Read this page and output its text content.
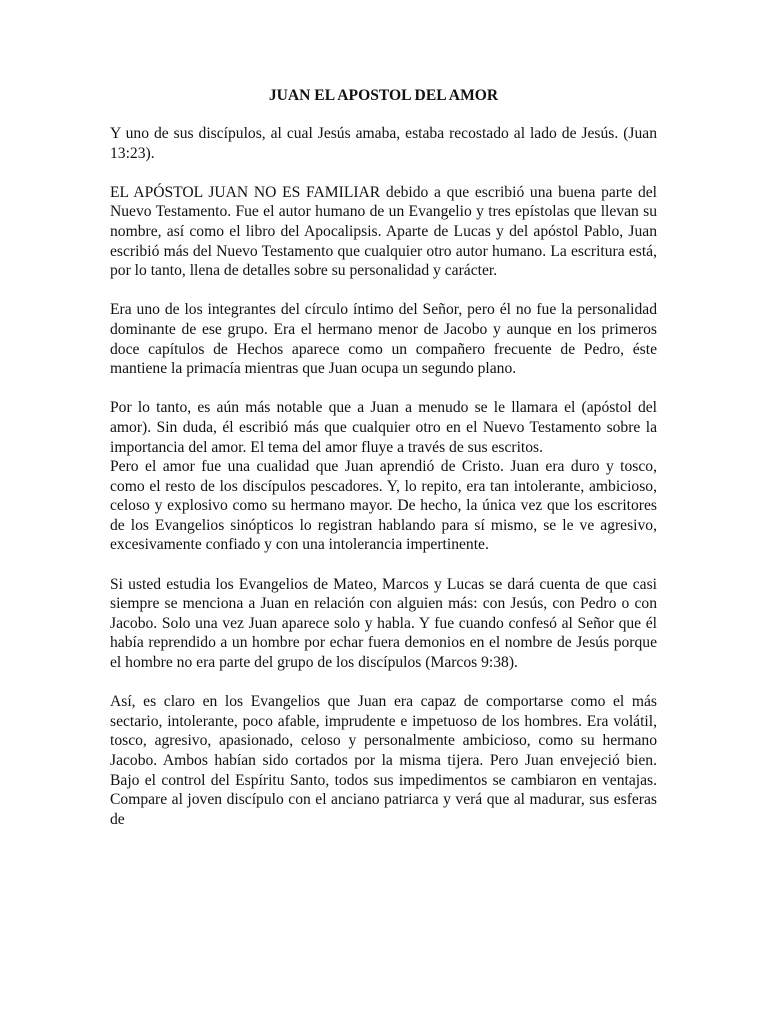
JUAN EL APOSTOL DEL AMOR

Y uno de sus discípulos, al cual Jesús amaba, estaba recostado al lado de Jesús. (Juan 13:23).

EL APÓSTOL JUAN NO ES FAMILIAR debido a que escribió una buena parte del Nuevo Testamento. Fue el autor humano de un Evangelio y tres epístolas que llevan su nombre, así como el libro del Apocalipsis. Aparte de Lucas y del apóstol Pablo, Juan escribió más del Nuevo Testamento que cualquier otro autor humano. La escritura está, por lo tanto, llena de detalles sobre su personalidad y carácter.

Era uno de los integrantes del círculo íntimo del Señor, pero él no fue la personalidad dominante de ese grupo. Era el hermano menor de Jacobo y aunque en los primeros doce capítulos de Hechos aparece como un compañero frecuente de Pedro, éste mantiene la primacía mientras que Juan ocupa un segundo plano.

Por lo tanto, es aún más notable que a Juan a menudo se le llamara el (apóstol del amor). Sin duda, él escribió más que cualquier otro en el Nuevo Testamento sobre la importancia del amor. El tema del amor fluye a través de sus escritos.

Pero el amor fue una cualidad que Juan aprendió de Cristo. Juan era duro y tosco, como el resto de los discípulos pescadores. Y, lo repito, era tan intolerante, ambicioso, celoso y explosivo como su hermano mayor. De hecho, la única vez que los escritores de los Evangelios sinópticos lo registran hablando para sí mismo, se le ve agresivo, excesivamente confiado y con una intolerancia impertinente.

Si usted estudia los Evangelios de Mateo, Marcos y Lucas se dará cuenta de que casi siempre se menciona a Juan en relación con alguien más: con Jesús, con Pedro o con Jacobo. Solo una vez Juan aparece solo y habla. Y fue cuando confesó al Señor que él había reprendido a un hombre por echar fuera demonios en el nombre de Jesús porque el hombre no era parte del grupo de los discípulos (Marcos 9:38).

Así, es claro en los Evangelios que Juan era capaz de comportarse como el más sectario, intolerante, poco afable, imprudente e impetuoso de los hombres. Era volátil, tosco, agresivo, apasionado, celoso y personalmente ambicioso, como su hermano Jacobo. Ambos habían sido cortados por la misma tijera. Pero Juan envejeció bien. Bajo el control del Espíritu Santo, todos sus impedimentos se cambiaron en ventajas. Compare al joven discípulo con el anciano patriarca y verá que al madurar, sus esferas de
